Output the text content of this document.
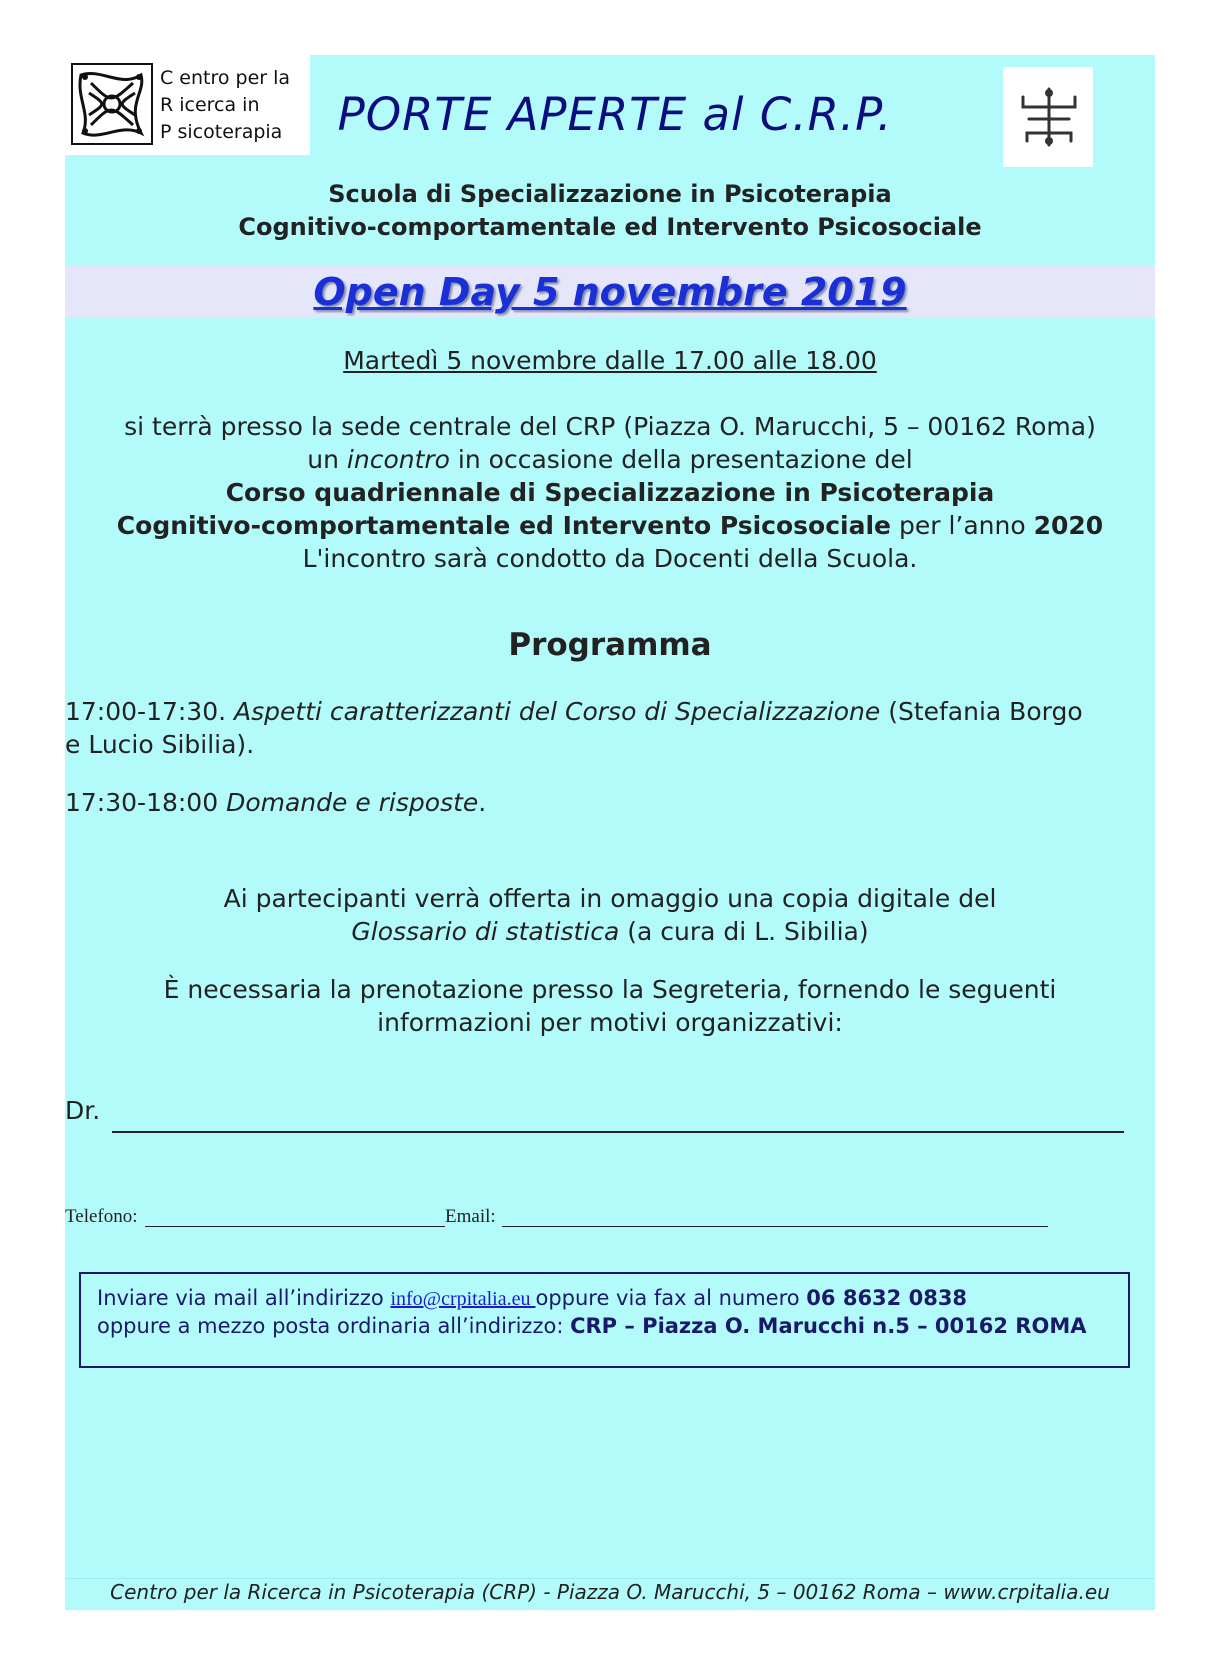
C entro per la
R icerca in
P sicoterapia	PORTE APERTE al C.R.P.
Scuola di Specializzazione in Psicoterapia
Cognitivo-comportamentale ed Intervento Psicosociale
Open Day 5 novembre 2019
Martedì 5 novembre dalle 17.00 alle 18.00
si terrà presso la sede centrale del CRP (Piazza O. Marucchi, 5 – 00162 Roma)
un incontro in occasione della presentazione del
Corso quadriennale di Specializzazione in Psicoterapia
Cognitivo-comportamentale ed Intervento Psicosociale per l’anno 2020
L'incontro sarà condotto da Docenti della Scuola.
Programma
17:00-17:30. Aspetti caratterizzanti del Corso di Specializzazione (Stefania Borgo
e Lucio Sibilia).
17:30-18:00 Domande e risposte.
Ai partecipanti verrà offerta in omaggio una copia digitale del
Glossario di statistica (a cura di L. Sibilia)
È necessaria la prenotazione presso la Segreteria, fornendo le seguenti
informazioni per motivi organizzativi:
Dr.
Telefono:	Email:
Inviare via mail all’indirizzo info@crpitalia.eu oppure via fax al numero 06 8632 0838
oppure a mezzo posta ordinaria all’indirizzo: CRP – Piazza O. Marucchi n.5 – 00162 ROMA
Centro per la Ricerca in Psicoterapia (CRP) - Piazza O. Marucchi, 5 – 00162 Roma – www.crpitalia.eu
